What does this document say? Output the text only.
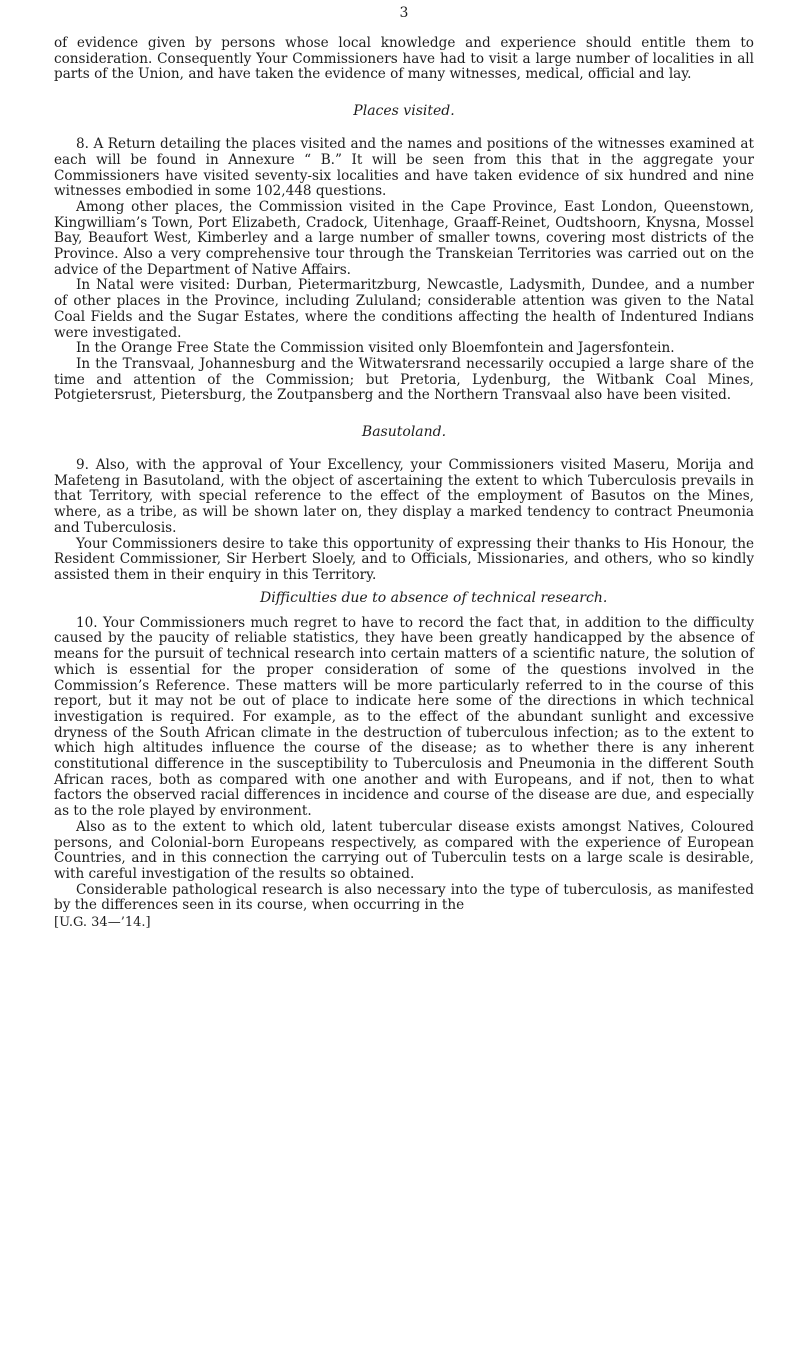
3

of evidence given by persons whose local knowledge and experience should entitle them to consideration. Consequently Your Commissioners have had to visit a large number of localities in all parts of the Union, and have taken the evidence of many witnesses, medical, official and lay.

Places visited.

8. A Return detailing the places visited and the names and positions of the witnesses examined at each will be found in Annexure “ B.” It will be seen from this that in the aggregate your Commissioners have visited seventy-six localities and have taken evidence of six hundred and nine witnesses embodied in some 102,448 questions.

Among other places, the Commission visited in the Cape Province, East London, Queenstown, Kingwilliam’s Town, Port Elizabeth, Cradock, Uitenhage, Graaff-Reinet, Oudtshoorn, Knysna, Mossel Bay, Beaufort West, Kimberley and a large number of smaller towns, covering most districts of the Province. Also a very comprehensive tour through the Transkeian Territories was carried out on the advice of the Department of Native Affairs.

In Natal were visited: Durban, Pietermaritzburg, Newcastle, Ladysmith, Dundee, and a number of other places in the Province, including Zululand; considerable attention was given to the Natal Coal Fields and the Sugar Estates, where the conditions affecting the health of Indentured Indians were investigated.

In the Orange Free State the Commission visited only Bloemfontein and Jagersfontein.

In the Transvaal, Johannesburg and the Witwatersrand necessarily occupied a large share of the time and attention of the Commission; but Pretoria, Lydenburg, the Witbank Coal Mines, Potgietersrust, Pietersburg, the Zoutpansberg and the Northern Transvaal also have been visited.

Basutoland.

9. Also, with the approval of Your Excellency, your Commissioners visited Maseru, Morija and Mafeteng in Basutoland, with the object of ascertaining the extent to which Tuberculosis prevails in that Territory, with special reference to the effect of the employment of Basutos on the Mines, where, as a tribe, as will be shown later on, they display a marked tendency to contract Pneumonia and Tuberculosis.

Your Commissioners desire to take this opportunity of expressing their thanks to His Honour, the Resident Commissioner, Sir Herbert Sloely, and to Officials, Missionaries, and others, who so kindly assisted them in their enquiry in this Territory.

Difficulties due to absence of technical research.

10. Your Commissioners much regret to have to record the fact that, in addition to the difficulty caused by the paucity of reliable statistics, they have been greatly handicapped by the absence of means for the pursuit of technical research into certain matters of a scientific nature, the solution of which is essential for the proper consideration of some of the questions involved in the Commission’s Reference. These matters will be more particularly referred to in the course of this report, but it may not be out of place to indicate here some of the directions in which technical investigation is required. For example, as to the effect of the abundant sunlight and excessive dryness of the South African climate in the destruction of tuberculous infection; as to the extent to which high altitudes influence the course of the disease; as to whether there is any inherent constitutional difference in the susceptibility to Tuberculosis and Pneumonia in the different South African races, both as compared with one another and with Europeans, and if not, then to what factors the observed racial differences in incidence and course of the disease are due, and especially as to the role played by environment.

Also as to the extent to which old, latent tubercular disease exists amongst Natives, Coloured persons, and Colonial-born Europeans respectively, as compared with the experience of European Countries, and in this connection the carrying out of Tuberculin tests on a large scale is desirable, with careful investigation of the results so obtained.

Considerable pathological research is also necessary into the type of tuberculosis, as manifested by the differences seen in its course, when occurring in the

[U.G. 34—’14.]
